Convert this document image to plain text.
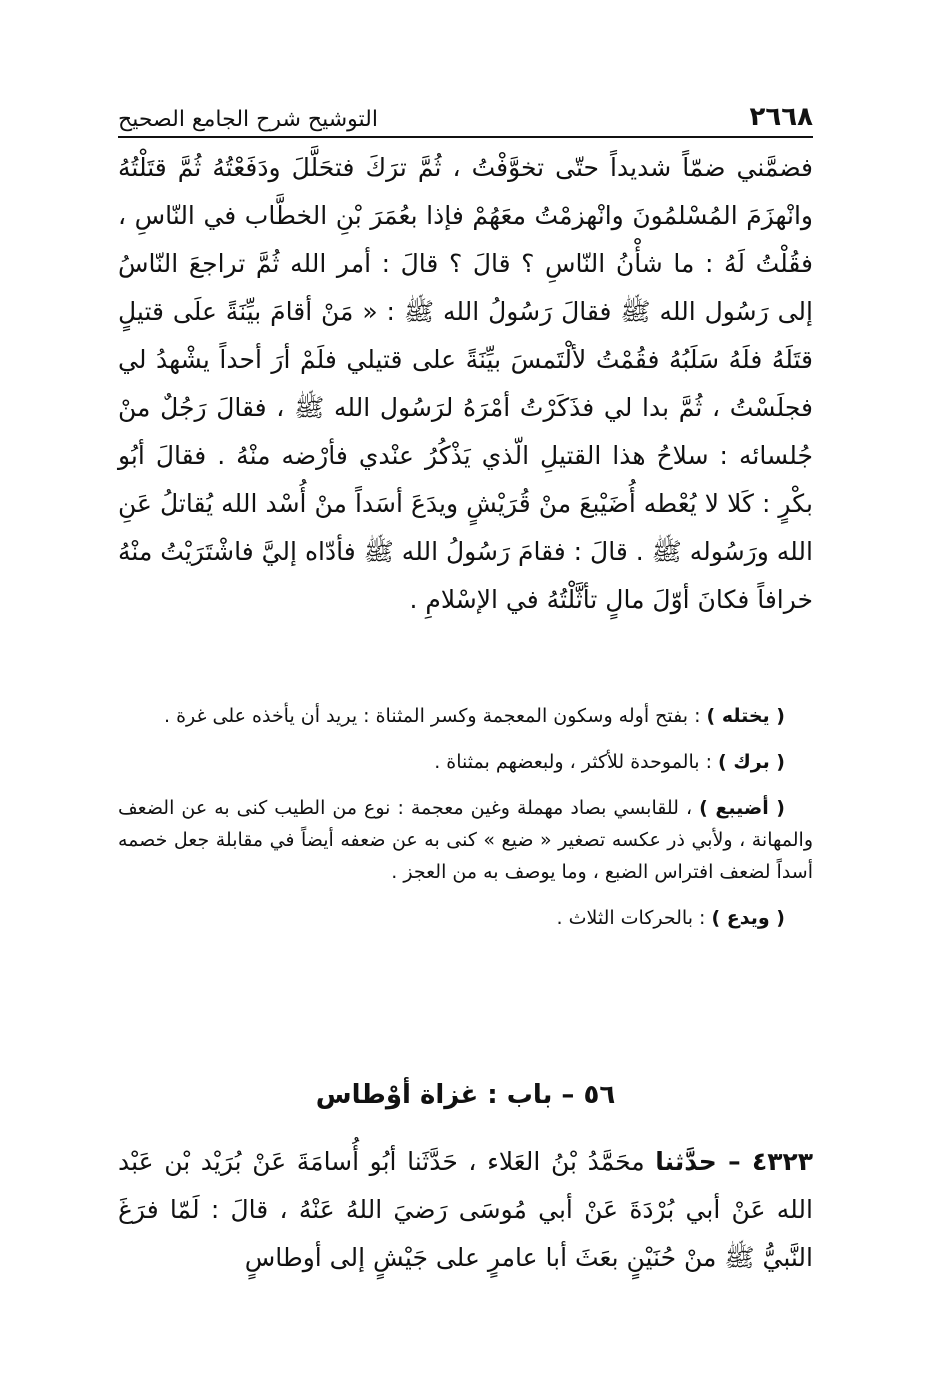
٢٦٦٨
التوشيح شرح الجامع الصحيح
فضمَّني ضمّاً شديداً حتّى تخوَّفْتُ ، ثُمَّ ترَكَ فتحَلَّلَ ودَفَعْتُهُ ثُمَّ قتَلْتُهُ وانْهزَمَ المُسْلمُونَ وانْهزمْتُ معَهُمْ فإذا بعُمَرَ بْنِ الخطَّاب في النّاسِ ، فقُلْتُ لَهُ : ما شأْنُ النّاسِ ؟ قالَ ؟ قالَ : أمر الله ثُمَّ تراجعَ النّاسُ إلى رَسُول الله ﷺ فقالَ رَسُولُ الله ﷺ : « مَنْ أقامَ بيِّنَةً علَى قتيلٍ قتَلَهُ فلَهُ سَلَبُهُ فقُمْتُ لألْتَمسَ بيِّنَةً على قتيلي فلَمْ أرَ أحداً يشْهدُ لي فجلَسْتُ ، ثُمَّ بدا لي فذَكَرْتُ أمْرَهُ لرَسُول الله ﷺ ، فقالَ رَجُلٌ منْ جُلسائه : سلاحُ هذا القتيلِ الّذي يَذْكُرُ عنْدي فأرْضه منْهُ . فقالَ أبُو بكْرٍ : كَلا لا يُعْطه أُضَيْبعَ منْ قُرَيْشٍ ويدَعَ أسَداً منْ أُسْد الله يُقاتلُ عَنِ الله ورَسُوله ﷺ . قالَ : فقامَ رَسُولُ الله ﷺ فأدّاه إليَّ فاشْتَرَيْتُ منْهُ خرافاً فكانَ أوّلَ مالٍ تأثَّلْتُهُ في الإسْلامِ .

( يختله ) : بفتح أوله وسكون المعجمة وكسر المثناة : يريد أن يأخذه على غرة .

( برك ) : بالموحدة للأكثر ، ولبعضهم بمثناة .

( أضيبع ) ، للقابسي بصاد مهملة وغين معجمة : نوع من الطيب كنى به عن الضعف والمهانة ، ولأبي ذر عكسه تصغير « ضيع » كنى به عن ضعفه أيضاً في مقابلة جعل خصمه أسداً لضعف افتراس الضبع ، وما يوصف به من العجز .

( ويدع ) : بالحركات الثلاث .

٥٦ – باب : غزاة أوْطاس
٤٣٢٣ – حدَّثنا محَمَّدُ بْنُ العَلاء ، حَدَّثَنا أبُو أُسامَةَ عَنْ بُرَيْد بْن عَبْد الله عَنْ أبي بُرْدَةَ عَنْ أبي مُوسَى رَضيَ اللهُ عَنْهُ ، قالَ : لَمّا فرَغَ النَّبيُّ ﷺ منْ حُنَيْنٍ بعَثَ أبا عامرٍ على جَيْشٍ إلى أوطاسٍ
